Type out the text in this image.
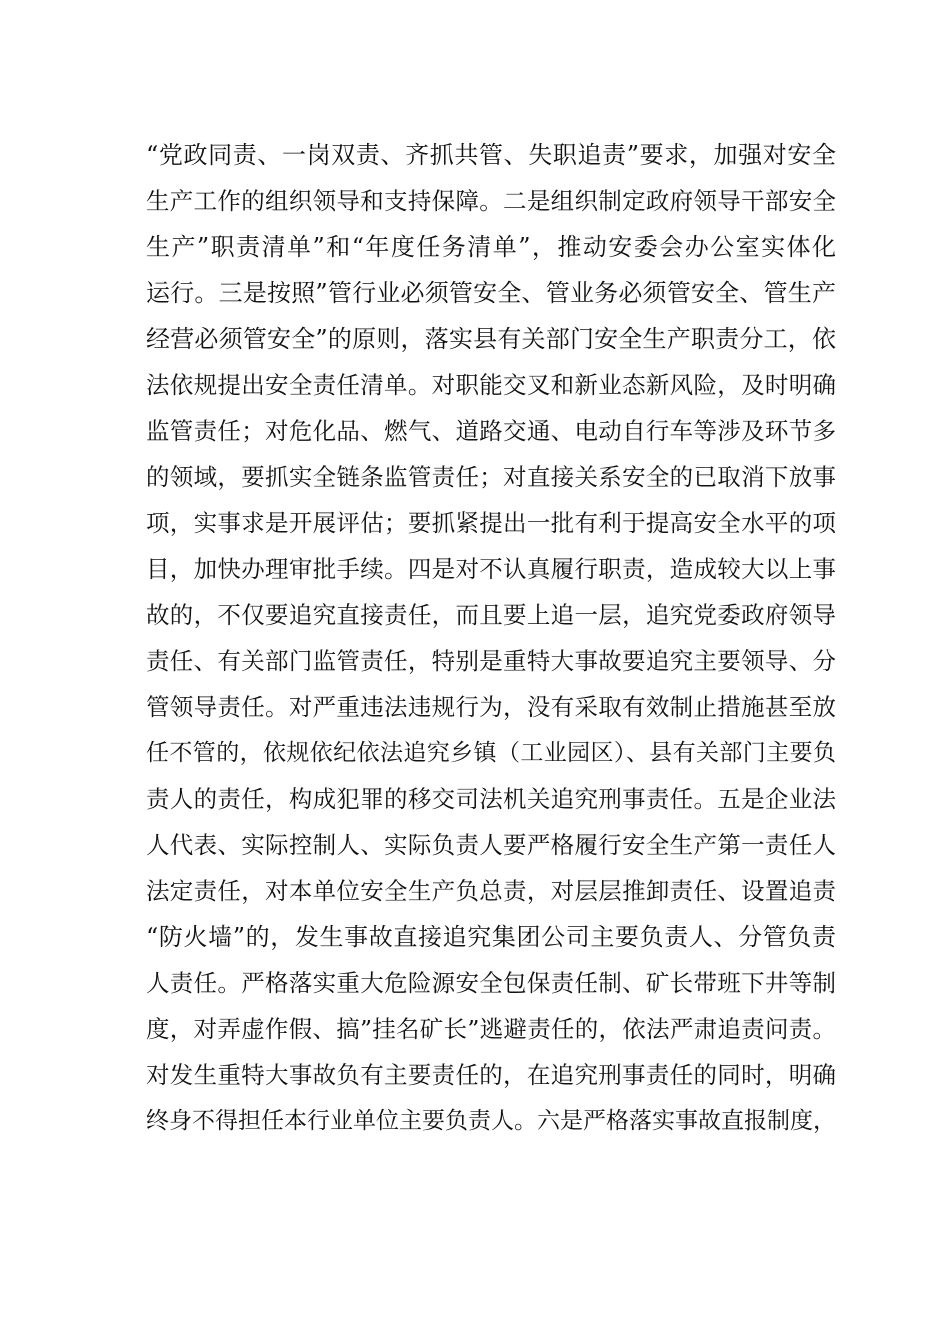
“党政同责、一岗双责、齐抓共管、失职追责”要求，加强对安全
生产工作的组织领导和支持保障。二是组织制定政府领导干部安全
生产”职责清单”和“年度任务清单”，推动安委会办公室实体化
运行。三是按照”管行业必须管安全、管业务必须管安全、管生产
经营必须管安全”的原则，落实县有关部门安全生产职责分工，依
法依规提出安全责任清单。对职能交叉和新业态新风险，及时明确
监管责任；对危化品、燃气、道路交通、电动自行车等涉及环节多
的领域，要抓实全链条监管责任；对直接关系安全的已取消下放事
项，实事求是开展评估；要抓紧提出一批有利于提高安全水平的项
目，加快办理审批手续。四是对不认真履行职责，造成较大以上事
故的，不仅要追究直接责任，而且要上追一层，追究党委政府领导
责任、有关部门监管责任，特别是重特大事故要追究主要领导、分
管领导责任。对严重违法违规行为，没有采取有效制止措施甚至放
任不管的，依规依纪依法追究乡镇（工业园区）、县有关部门主要负
责人的责任，构成犯罪的移交司法机关追究刑事责任。五是企业法
人代表、实际控制人、实际负责人要严格履行安全生产第一责任人
法定责任，对本单位安全生产负总责，对层层推卸责任、设置追责
“防火墙”的，发生事故直接追究集团公司主要负责人、分管负责
人责任。严格落实重大危险源安全包保责任制、矿长带班下井等制
度，对弄虚作假、搞”挂名矿长”逃避责任的，依法严肃追责问责。
对发生重特大事故负有主要责任的，在追究刑事责任的同时，明确
终身不得担任本行业单位主要负责人。六是严格落实事故直报制度，
